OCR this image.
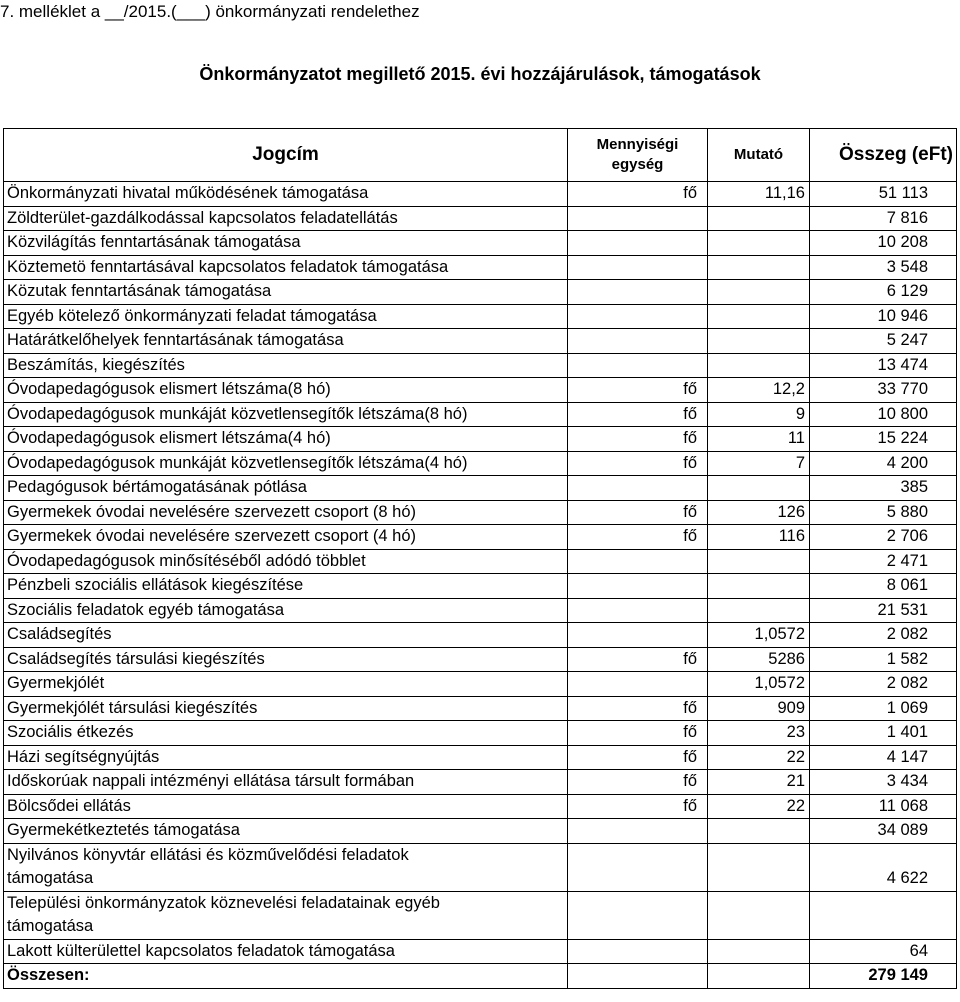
7. melléklet a __/2015.(___) önkormányzati rendelethez
Önkormányzatot megillető 2015. évi hozzájárulások, támogatások
Jogcím	Mennyiségi egység	Mutató	Összeg (eFt)
Önkormányzati hivatal működésének támogatása	fő	11,16	51 113
Zöldterület-gazdálkodással kapcsolatos feladatellátás			7 816
Közvilágítás fenntartásának támogatása			10 208
Köztemetö fenntartásával kapcsolatos feladatok támogatása			3 548
Közutak fenntartásának támogatása			6 129
Egyéb kötelező önkormányzati feladat támogatása			10 946
Határátkelőhelyek fenntartásának támogatása			5 247
Beszámítás, kiegészítés			13 474
Óvodapedagógusok elismert létszáma(8 hó)	fő	12,2	33 770
Óvodapedagógusok munkáját közvetlensegítők létszáma(8 hó)	fő	9	10 800
Óvodapedagógusok elismert létszáma(4 hó)	fő	11	15 224
Óvodapedagógusok munkáját közvetlensegítők létszáma(4 hó)	fő	7	4 200
Pedagógusok bértámogatásának pótlása			385
Gyermekek óvodai nevelésére szervezett csoport (8 hó)	fő	126	5 880
Gyermekek óvodai nevelésére szervezett csoport (4 hó)	fő	116	2 706
Óvodapedagógusok minősítéséből adódó többlet			2 471
Pénzbeli szociális ellátások kiegészítése			8 061
Szociális feladatok egyéb támogatása			21 531
Családsegítés		1,0572	2 082
Családsegítés társulási kiegészítés	fő	5286	1 582
Gyermekjólét		1,0572	2 082
Gyermekjólét társulási kiegészítés	fő	909	1 069
Szociális étkezés	fő	23	1 401
Házi segítségnyújtás	fő	22	4 147
Időskorúak nappali intézményi ellátása társult formában	fő	21	3 434
Bölcsődei ellátás	fő	22	11 068
Gyermekétkeztetés támogatása			34 089
Nyilvános könyvtár ellátási és közművelődési feladatok
támogatása			4 622
Települési önkormányzatok köznevelési feladatainak egyéb
támogatása			
Lakott külterülettel kapcsolatos feladatok támogatása			64
Összesen:			279 149
